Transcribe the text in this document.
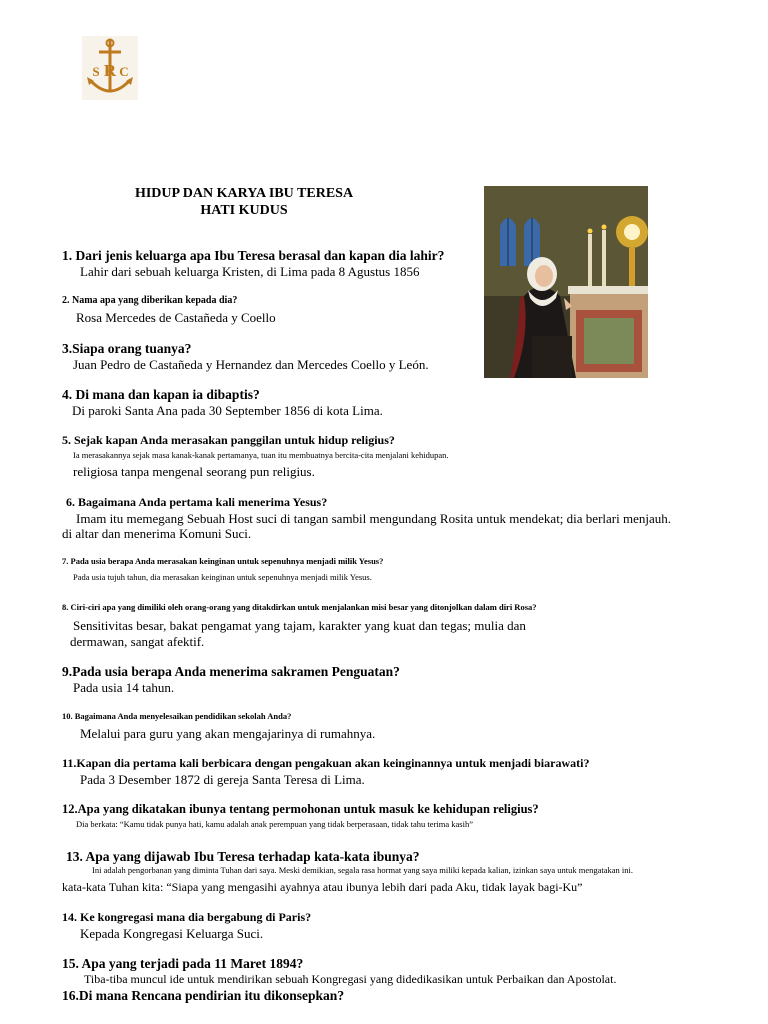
R
S C
HIDUP DAN KARYA IBU TERESA
HATI KUDUS
1. Dari jenis keluarga apa Ibu Teresa berasal dan kapan dia lahir?
Lahir dari sebuah keluarga Kristen, di Lima pada 8 Agustus 1856
2. Nama apa yang diberikan kepada dia?
Rosa Mercedes de Castañeda y Coello
3.Siapa orang tuanya?
Juan Pedro de Castañeda y Hernandez dan Mercedes Coello y León.
4. Di mana dan kapan ia dibaptis?
Di paroki Santa Ana pada 30 September 1856 di kota Lima.
5. Sejak kapan Anda merasakan panggilan untuk hidup religius?
Ia merasakannya sejak masa kanak-kanak pertamanya, tuan itu membuatnya bercita-cita menjalani kehidupan.
religiosa tanpa mengenal seorang pun religius.
6. Bagaimana Anda pertama kali menerima Yesus?
Imam itu memegang Sebuah Host suci di tangan sambil mengundang Rosita untuk mendekat; dia berlari menjauh.
di altar dan menerima Komuni Suci.
7. Pada usia berapa Anda merasakan keinginan untuk sepenuhnya menjadi milik Yesus?
Pada usia tujuh tahun, dia merasakan keinginan untuk sepenuhnya menjadi milik Yesus.
8. Ciri-ciri apa yang dimiliki oleh orang-orang yang ditakdirkan untuk menjalankan misi besar yang ditonjolkan dalam diri Rosa?
Sensitivitas besar, bakat pengamat yang tajam, karakter yang kuat dan tegas; mulia dan
dermawan, sangat afektif.
9.Pada usia berapa Anda menerima sakramen Penguatan?
Pada usia 14 tahun.
10. Bagaimana Anda menyelesaikan pendidikan sekolah Anda?
Melalui para guru yang akan mengajarinya di rumahnya.
11.Kapan dia pertama kali berbicara dengan pengakuan akan keinginannya untuk menjadi biarawati?
Pada 3 Desember 1872 di gereja Santa Teresa di Lima.
12.Apa yang dikatakan ibunya tentang permohonan untuk masuk ke kehidupan religius?
Dia berkata: “Kamu tidak punya hati, kamu adalah anak perempuan yang tidak berperasaan, tidak tahu terima kasih”
13. Apa yang dijawab Ibu Teresa terhadap kata-kata ibunya?
Ini adalah pengorbanan yang diminta Tuhan dari saya. Meski demikian, segala rasa hormat yang saya miliki kepada kalian, izinkan saya untuk mengatakan ini.
kata-kata Tuhan kita: “Siapa yang mengasihi ayahnya atau ibunya lebih dari pada Aku, tidak layak bagi-Ku”
14. Ke kongregasi mana dia bergabung di Paris?
Kepada Kongregasi Keluarga Suci.
15. Apa yang terjadi pada 11 Maret 1894?
Tiba-tiba muncul ide untuk mendirikan sebuah Kongregasi yang didedikasikan untuk Perbaikan dan Apostolat.
16.Di mana Rencana pendirian itu dikonsepkan?
